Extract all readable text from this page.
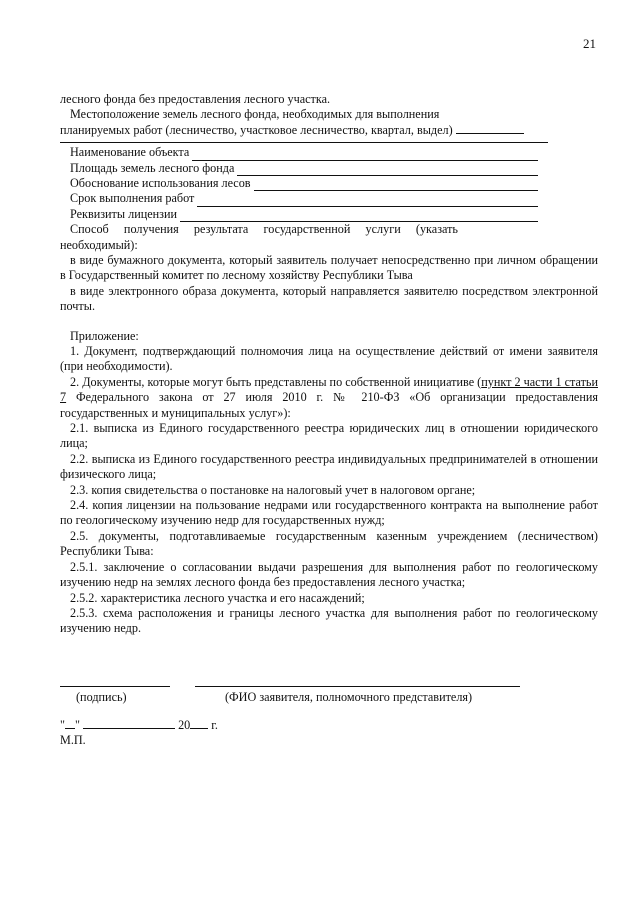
21

лесного фонда без предоставления лесного участка.

Местоположение земель лесного фонда, необходимых для выполнения

планируемых работ (лесничество, участковое лесничество, квартал, выдел)

Наименование объекта
Площадь земель лесного фонда
Обоснование использования лесов
Срок выполнения работ
Реквизиты лицензии

Способ получения результата государственной услуги (указать необходимый):

в виде бумажного документа, который заявитель получает непосредственно при личном обращении в Государственный комитет по лесному хозяйству Республики Тыва

в виде электронного образа документа, который направляется заявителю посредством электронной почты.

Приложение:

1. Документ, подтверждающий полномочия лица на осуществление действий от имени заявителя (при необходимости).

2. Документы, которые могут быть представлены по собственной инициативе (пункт 2 части 1 статьи 7 Федерального закона от 27 июля 2010 г. № 210-ФЗ «Об организации предоставления государственных и муниципальных услуг»):

2.1. выписка из Единого государственного реестра юридических лиц в отношении юридического лица;

2.2. выписка из Единого государственного реестра индивидуальных предпринимателей в отношении физического лица;

2.3. копия свидетельства о постановке на налоговый учет в налоговом органе;

2.4. копия лицензии на пользование недрами или государственного контракта на выполнение работ по геологическому изучению недр для государственных нужд;

2.5. документы, подготавливаемые государственным казенным учреждением (лесничеством) Республики Тыва:

2.5.1. заключение о согласовании выдачи разрешения для выполнения работ по геологическому изучению недр на землях лесного фонда без предоставления лесного участка;

2.5.2. характеристика лесного участка и его насаждений;

2.5.3. схема расположения и границы лесного участка для выполнения работ по геологическому изучению недр.

(подпись)	(ФИО заявителя, полномочного представителя)
" "	20 г.
М.П.
